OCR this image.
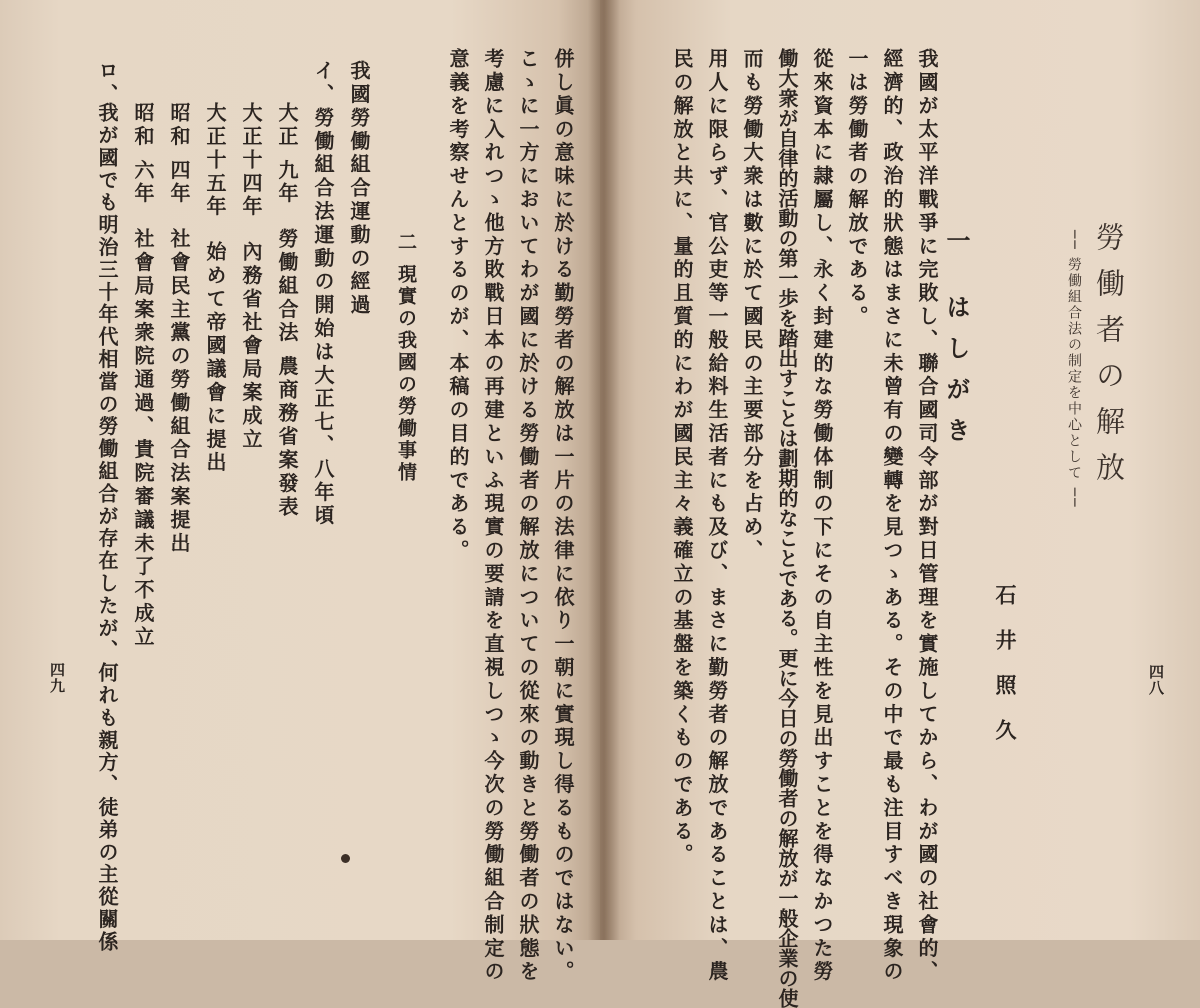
四九	併し眞の意味に於ける勤勞者の解放は一片の法律に依り一朝に實現し得るものではない。
こゝに一方においてわが國に於ける勞働者の解放についての從來の動きと勞働者の狀態を
考慮に入れつゝ他方敗戰日本の再建といふ現實の要請を直視しつゝ今次の勞働組合制定の
意義を考察せんとするのが、本稿の目的である。
二 現實の我國の勞働事情
我國勞働組合運動の經過
イ、勞働組合法運動の開始は大正七、八年頃
大正 九年勞働組合法 農商務省案發表
大正十四年內務省社會局案成立
大正十五年始めて帝國議會に提出
昭和 四年社會民主黨の勞働組合法案提出
昭和 六年社會局案衆院通過、貴院審議未了不成立
ロ、
我が國でも明治三十年代相當の勞働組合が存在したが、何れも親方、徒弟の主從關係	勞働者の解放
── 勞働組合法の制定を中心として ──
石井照久
一 はしがき
我國が太平洋戰爭に完敗し、聯合國司令部が對日管理を實施してから、わが國の社會的、
經濟的、政治的狀態はまさに未曾有の變轉を見つゝある。その中で最も注目すべき現象の
一は勞働者の解放である。
從來資本に隷屬し、永く封建的な勞働体制の下にその自主性を見出すことを得なかつた勞
働大衆が自律的活動の第一歩を踏出すことは劃期的なことである。更に今日の勞働者の解放が一般企業の使
而も勞働大衆は數に於て國民の主要部分を占め、
用人に限らず、官公吏等一般給料生活者にも及び、まさに勤勞者の解放であることは、農
民の解放と共に、量的且質的にわが國民主々義確立の基盤を築くものである。	四八
